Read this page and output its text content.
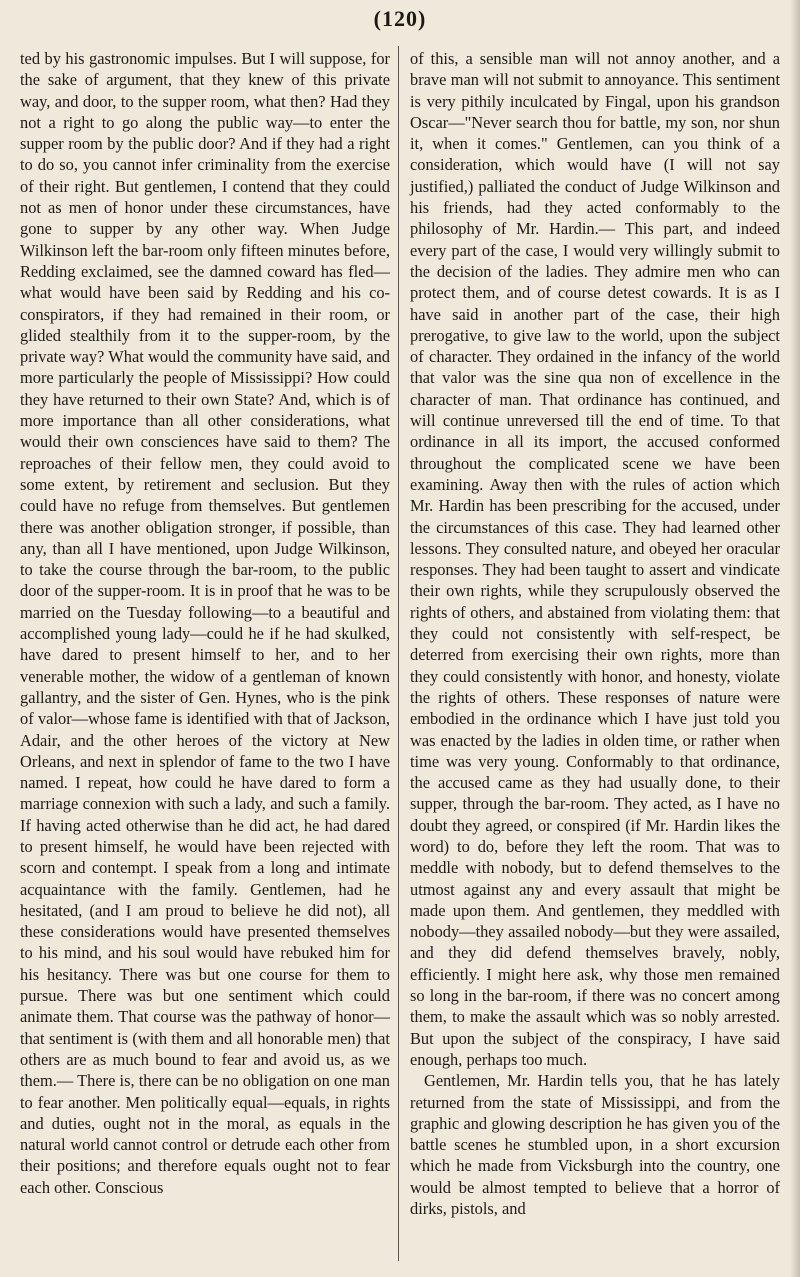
(120)

ted by his gastronomic impulses. But I will suppose, for the sake of argument, that they knew of this private way, and door, to the supper room, what then? Had they not a right to go along the public way—to enter the supper room by the public door? And if they had a right to do so, you cannot infer criminality from the exercise of their right. But gentlemen, I contend that they could not as men of honor under these circumstances, have gone to supper by any other way. When Judge Wilkinson left the bar-room only fifteen minutes before, Redding exclaimed, see the damned coward has fled—what would have been said by Redding and his co-conspirators, if they had remained in their room, or glided stealthily from it to the supper-room, by the private way? What would the community have said, and more particularly the people of Mississippi? How could they have returned to their own State? And, which is of more importance than all other considerations, what would their own consciences have said to them? The reproaches of their fellow men, they could avoid to some extent, by retirement and seclusion. But they could have no refuge from themselves. But gentlemen there was another obligation stronger, if possible, than any, than all I have mentioned, upon Judge Wilkinson, to take the course through the bar-room, to the public door of the supper-room. It is in proof that he was to be married on the Tuesday following—to a beautiful and accomplished young lady—could he if he had skulked, have dared to present himself to her, and to her venerable mother, the widow of a gentleman of known gallantry, and the sister of Gen. Hynes, who is the pink of valor—whose fame is identified with that of Jackson, Adair, and the other heroes of the victory at New Orleans, and next in splendor of fame to the two I have named. I repeat, how could he have dared to form a marriage connexion with such a lady, and such a family. If having acted otherwise than he did act, he had dared to present himself, he would have been rejected with scorn and contempt. I speak from a long and intimate acquaintance with the family. Gentlemen, had he hesitated, (and I am proud to believe he did not), all these considerations would have presented themselves to his mind, and his soul would have rebuked him for his hesitancy. There was but one course for them to pursue. There was but one sentiment which could animate them. That course was the pathway of honor—that sentiment is (with them and all honorable men) that others are as much bound to fear and avoid us, as we them.— There is, there can be no obligation on one man to fear another. Men politically equal—equals, in rights and duties, ought not in the moral, as equals in the natural world cannot control or detrude each other from their positions; and therefore equals ought not to fear each other. Conscious

of this, a sensible man will not annoy another, and a brave man will not submit to annoyance. This sentiment is very pithily inculcated by Fingal, upon his grandson Oscar—"Never search thou for battle, my son, nor shun it, when it comes." Gentlemen, can you think of a consideration, which would have (I will not say justified,) palliated the conduct of Judge Wilkinson and his friends, had they acted conformably to the philosophy of Mr. Hardin.— This part, and indeed every part of the case, I would very willingly submit to the decision of the ladies. They admire men who can protect them, and of course detest cowards. It is as I have said in another part of the case, their high prerogative, to give law to the world, upon the subject of character. They ordained in the infancy of the world that valor was the sine qua non of excellence in the character of man. That ordinance has continued, and will continue unreversed till the end of time. To that ordinance in all its import, the accused conformed throughout the complicated scene we have been examining. Away then with the rules of action which Mr. Hardin has been prescribing for the accused, under the circumstances of this case. They had learned other lessons. They consulted nature, and obeyed her oracular responses. They had been taught to assert and vindicate their own rights, while they scrupulously observed the rights of others, and abstained from violating them: that they could not consistently with self-respect, be deterred from exercising their own rights, more than they could consistently with honor, and honesty, violate the rights of others. These responses of nature were embodied in the ordinance which I have just told you was enacted by the ladies in olden time, or rather when time was very young. Conformably to that ordinance, the accused came as they had usually done, to their supper, through the bar-room. They acted, as I have no doubt they agreed, or conspired (if Mr. Hardin likes the word) to do, before they left the room. That was to meddle with nobody, but to defend themselves to the utmost against any and every assault that might be made upon them. And gentlemen, they meddled with nobody—they assailed nobody—but they were assailed, and they did defend themselves bravely, nobly, efficiently. I might here ask, why those men remained so long in the bar-room, if there was no concert among them, to make the assault which was so nobly arrested. But upon the subject of the conspiracy, I have said enough, perhaps too much.

Gentlemen, Mr. Hardin tells you, that he has lately returned from the state of Mississippi, and from the graphic and glowing description he has given you of the battle scenes he stumbled upon, in a short excursion which he made from Vicksburgh into the country, one would be almost tempted to believe that a horror of dirks, pistols, and
